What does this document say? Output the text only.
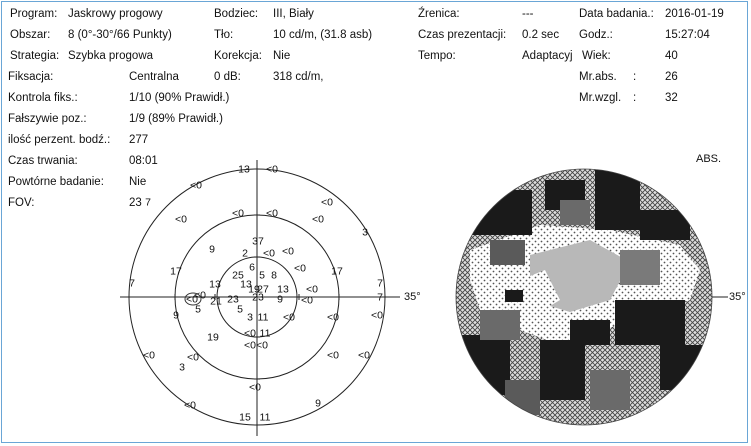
Program: Jaskrowy progowy
Obszar: 8 (0°-30°/66 Punkty)
Strategia: Szybka progowa
Bodziec: III, Biały
Tło:	10 cd/m, (31.8 asb)
Korekcja: Nie
0 dB:	318 cd/m,
Źrenica:	---
Czas prezentacji: 0.2 sec
Tempo:	Adaptacyj
Data badania.: 2016-01-19
Godz.:	15:27:04
Wiek:	40
Mr.abs. :	26
Mr.wzgl. :	32
Fiksacja:	Centralna
Kontrola fiks.:	1/10 (90% Prawidł.)
Fałszywie poz.:	1/9 (89% Prawidł.)
ilość perzent. bodź.: 277
Czas trwania:	08:01
Powtórne badanie: Nie
FOV:	23
35°
13 <0
<0
<0 <0
7
<0	<0
<0
3
9
37
2 <0 <0
7
17	25
6
5 8
<0 17
7
13 13
19
27 13 <0
<0
<0 21 23 23 9 <0	7
9 5	5
3 11 <0	<0	<0
<0 11
19
<0 <0
<0	<0	<0 <0
3
<0
<0	9
15 11
ABS.
35°
